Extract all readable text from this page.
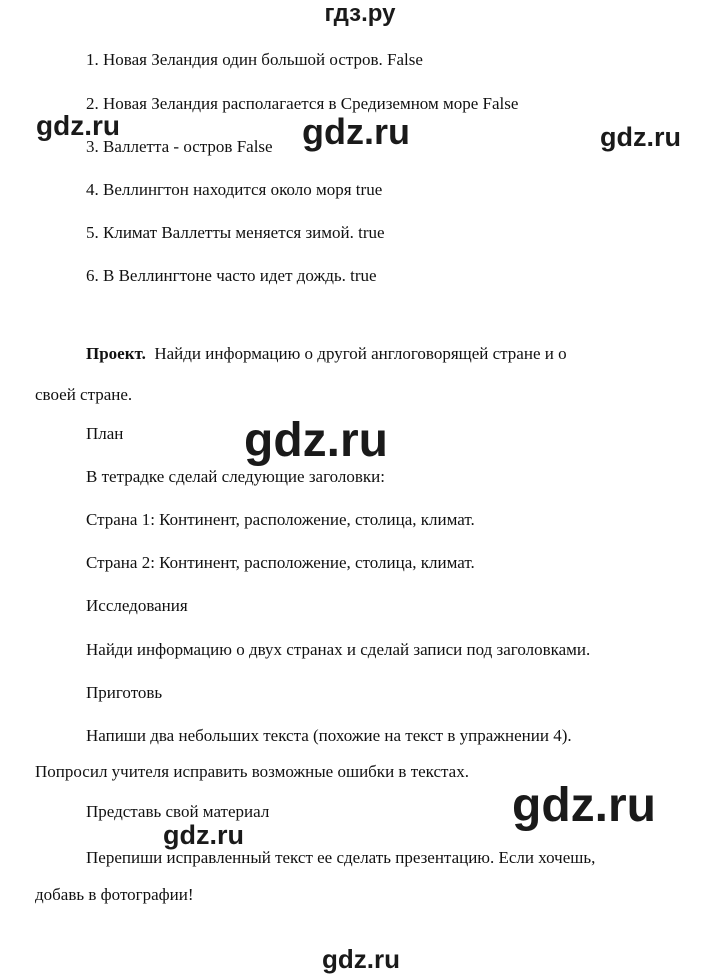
гдз.ру
1. Новая Зеландия один большой остров. False
2. Новая Зеландия располагается в Средиземном море False
3. Валлетта - остров False
4. Веллингтон находится около моря true
5. Климат Валлетты меняется зимой. true
6. В Веллингтоне часто идет дождь. true
Проект.  Найди информацию о другой англоговорящей стране и о
своей стране.
План
В тетрадке сделай следующие заголовки:
Страна 1: Континент, расположение, столица, климат.
Страна 2: Континент, расположение, столица, климат.
Исследования
Найди информацию о двух странах и сделай записи под заголовками.
Приготовь
Напиши два небольших текста (похожие на текст в упражнении 4).
Попросил учителя исправить возможные ошибки в текстах.
Представь свой материал
Перепиши исправленный текст ее сделать презентацию. Если хочешь,
добавь в фотографии!
gdz.ru	gdz.ru	gdz.ru
gdz.ru
gdz.ru
gdz.ru
gdz.ru
